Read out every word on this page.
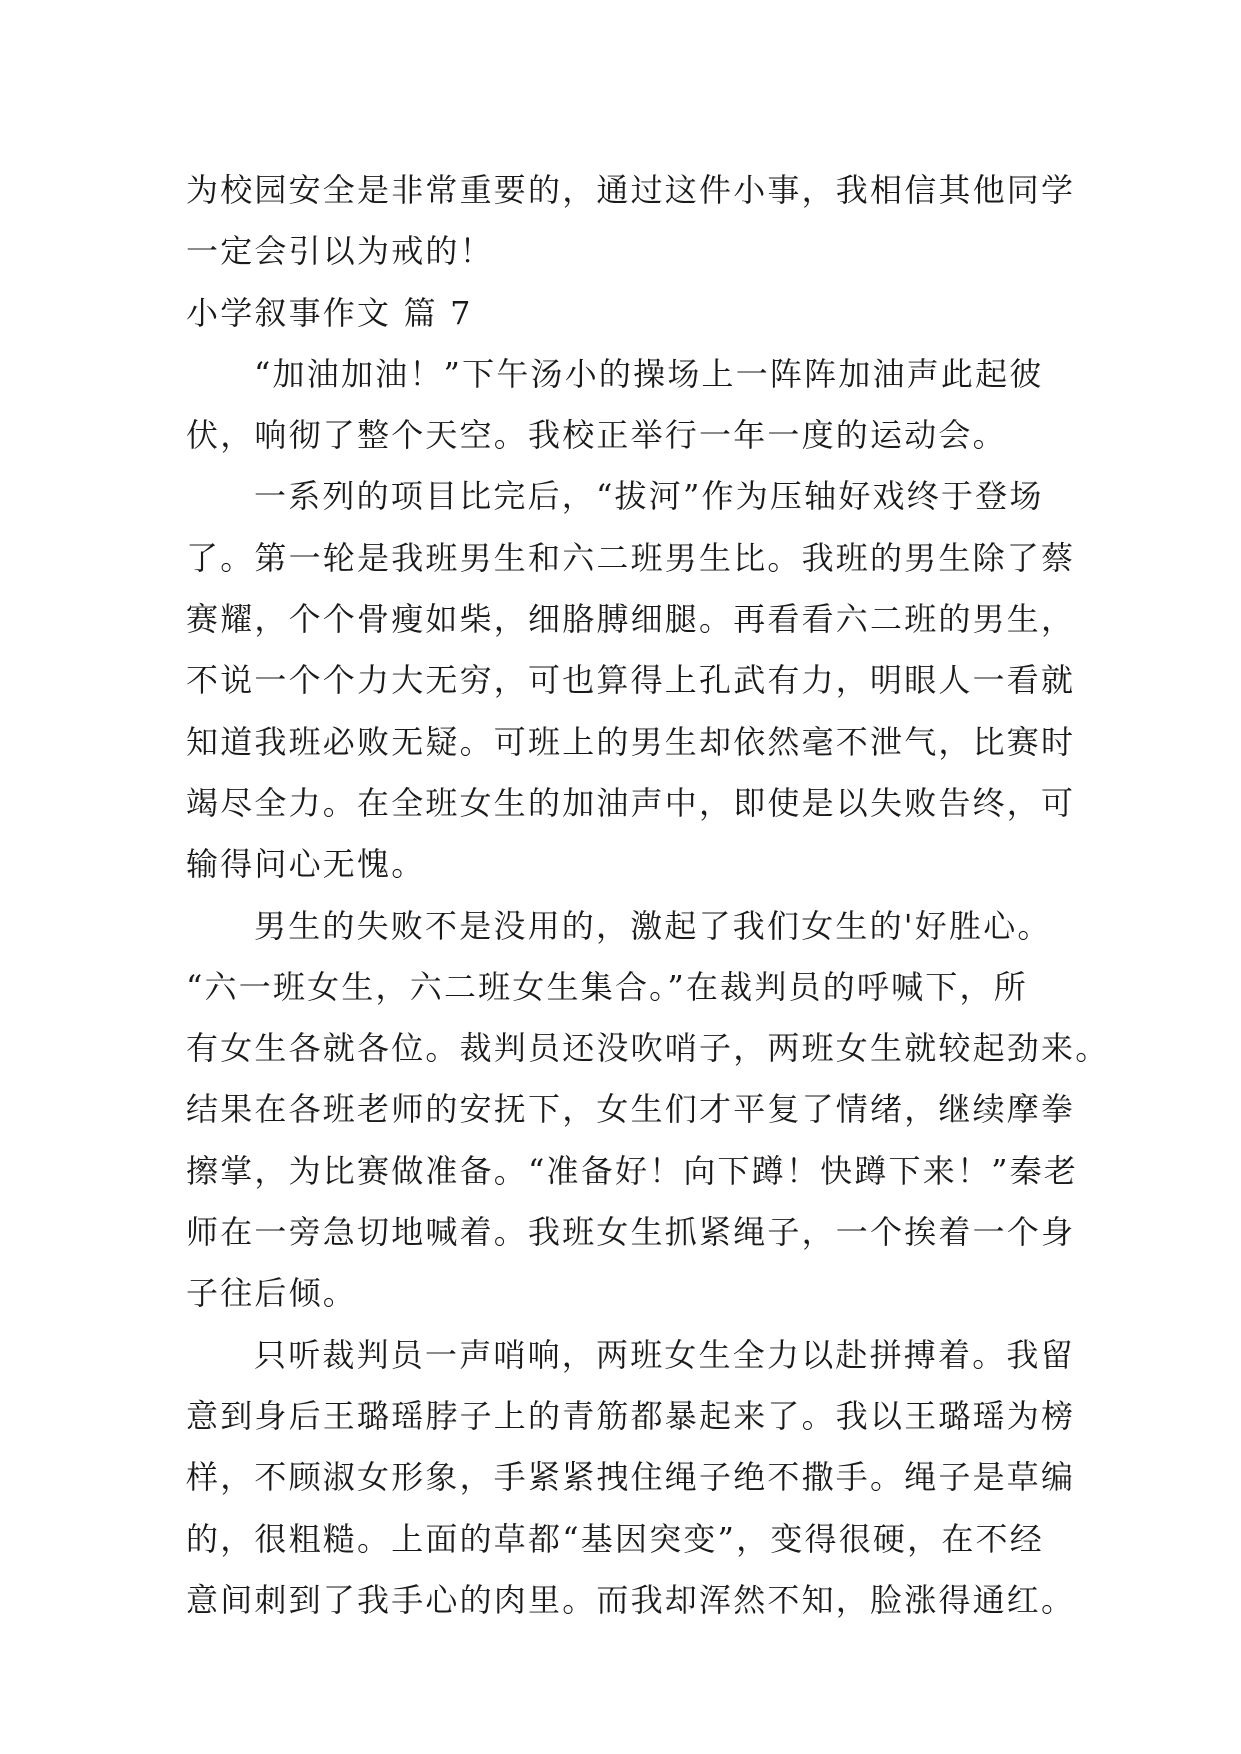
为校园安全是非常重要的，通过这件小事，我相信其他同学
一定会引以为戒的！
小学叙事作文 篇 7
“加油加油！”下午汤小的操场上一阵阵加油声此起彼
伏，响彻了整个天空。我校正举行一年一度的运动会。
一系列的项目比完后，“拔河”作为压轴好戏终于登场
了。第一轮是我班男生和六二班男生比。我班的男生除了蔡
赛耀，个个骨瘦如柴，细胳膊细腿。再看看六二班的男生，
不说一个个力大无穷，可也算得上孔武有力，明眼人一看就
知道我班必败无疑。可班上的男生却依然毫不泄气，比赛时
竭尽全力。在全班女生的加油声中，即使是以失败告终，可
输得问心无愧。
男生的失败不是没用的，激起了我们女生的'好胜心。
“六一班女生，六二班女生集合。”在裁判员的呼喊下，所
有女生各就各位。裁判员还没吹哨子，两班女生就较起劲来。
结果在各班老师的安抚下，女生们才平复了情绪，继续摩拳
擦掌，为比赛做准备。“准备好！向下蹲！快蹲下来！”秦老
师在一旁急切地喊着。我班女生抓紧绳子，一个挨着一个身
子往后倾。
只听裁判员一声哨响，两班女生全力以赴拼搏着。我留
意到身后王璐瑶脖子上的青筋都暴起来了。我以王璐瑶为榜
样，不顾淑女形象，手紧紧拽住绳子绝不撒手。绳子是草编
的，很粗糙。上面的草都“基因突变”，变得很硬，在不经
意间刺到了我手心的肉里。而我却浑然不知，脸涨得通红。
